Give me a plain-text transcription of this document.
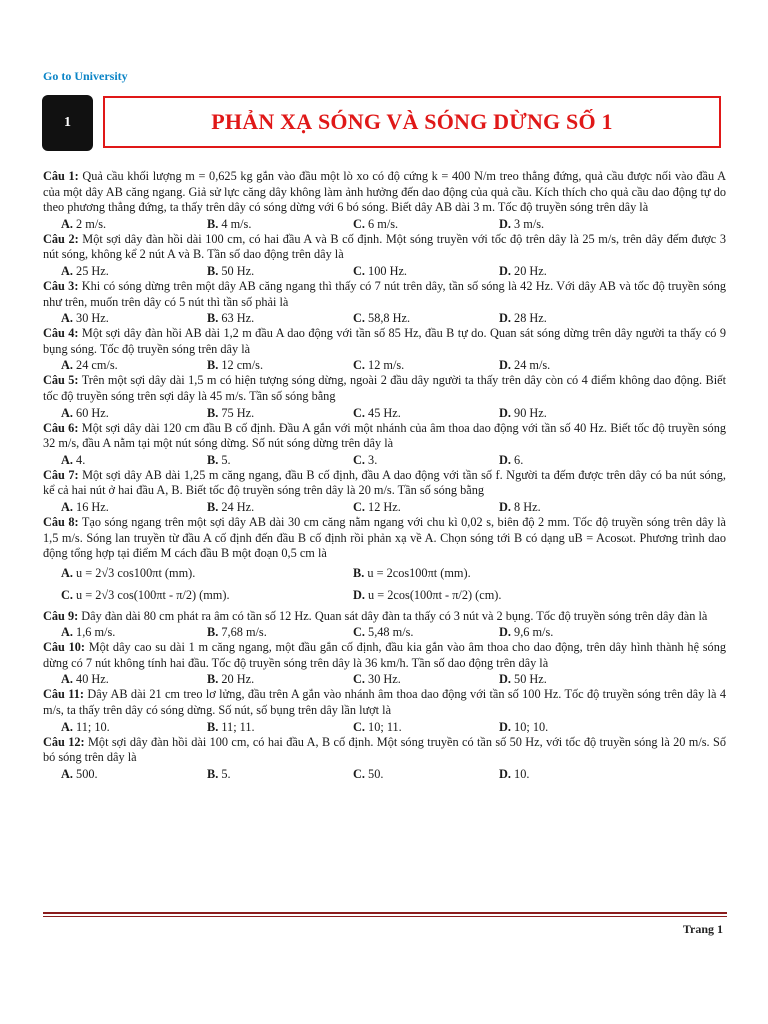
Go to University
1	PHẢN XẠ SÓNG VÀ SÓNG DỪNG SỐ 1

Câu 1: Quả cầu khối lượng m = 0,625 kg gắn vào đầu một lò xo có độ cứng k = 400 N/m treo thẳng đứng, quả cầu được nối vào đầu A của một dây AB căng ngang. Giả sử lực căng dây không làm ảnh hưởng đến dao động của quả cầu. Kích thích cho quả cầu dao động tự do theo phương thẳng đứng, ta thấy trên dây có sóng dừng với 6 bó sóng. Biết dây AB dài 3 m. Tốc độ truyền sóng trên dây là

A. 2 m/s.	B. 4 m/s.	C. 6 m/s.	D. 3 m/s.

Câu 2: Một sợi dây đàn hồi dài 100 cm, có hai đầu A và B cố định. Một sóng truyền với tốc độ trên dây là 25 m/s, trên dây đếm được 3 nút sóng, không kể 2 nút A và B. Tần số dao động trên dây là

A. 25 Hz.	B. 50 Hz.	C. 100 Hz.	D. 20 Hz.

Câu 3: Khi có sóng dừng trên một dây AB căng ngang thì thấy có 7 nút trên dây, tần số sóng là 42 Hz. Với dây AB và tốc độ truyền sóng như trên, muốn trên dây có 5 nút thì tần số phải là

A. 30 Hz.	B. 63 Hz.	C. 58,8 Hz.	D. 28 Hz.

Câu 4: Một sợi dây đàn hồi AB dài 1,2 m đầu A dao động với tần số 85 Hz, đầu B tự do. Quan sát sóng dừng trên dây người ta thấy có 9 bụng sóng. Tốc độ truyền sóng trên dây là

A. 24 cm/s.	B. 12 cm/s.	C. 12 m/s.	D. 24 m/s.

Câu 5: Trên một sợi dây dài 1,5 m có hiện tượng sóng dừng, ngoài 2 đầu dây người ta thấy trên dây còn có 4 điểm không dao động. Biết tốc độ truyền sóng trên sợi dây là 45 m/s. Tần số sóng bằng

A. 60 Hz.	B. 75 Hz.	C. 45 Hz.	D. 90 Hz.

Câu 6: Một sợi dây dài 120 cm đầu B cố định. Đầu A gắn với một nhánh của âm thoa dao động với tần số 40 Hz. Biết tốc độ truyền sóng 32 m/s, đầu A nằm tại một nút sóng dừng. Số nút sóng dừng trên dây là

A. 4.	B. 5.	C. 3.	D. 6.

Câu 7: Một sợi dây AB dài 1,25 m căng ngang, đầu B cố định, đầu A dao động với tần số f. Người ta đếm được trên dây có ba nút sóng, kể cả hai nút ở hai đầu A, B. Biết tốc độ truyền sóng trên dây là 20 m/s. Tần số sóng bằng

A. 16 Hz.	B. 24 Hz.	C. 12 Hz.	D. 8 Hz.

Câu 8: Tạo sóng ngang trên một sợi dây AB dài 30 cm căng nằm ngang với chu kì 0,02 s, biên độ 2 mm. Tốc độ truyền sóng trên dây là 1,5 m/s. Sóng lan truyền từ đầu A cố định đến đầu B cố định rồi phản xạ về A. Chọn sóng tới B có dạng uB = Acosωt. Phương trình dao động tổng hợp tại điểm M cách đầu B một đoạn 0,5 cm là

A. u = 2√3 cos100πt (mm).	B. u = 2cos100πt (mm).
C. u = 2√3 cos(100πt - π/2) (mm).	D. u = 2cos(100πt - π/2) (cm).

Câu 9: Dây đàn dài 80 cm phát ra âm có tần số 12 Hz. Quan sát dây đàn ta thấy có 3 nút và 2 bụng. Tốc độ truyền sóng trên dây đàn là

A. 1,6 m/s.	B. 7,68 m/s.	C. 5,48 m/s.	D. 9,6 m/s.

Câu 10: Một dây cao su dài 1 m căng ngang, một đầu gắn cố định, đầu kia gắn vào âm thoa cho dao động, trên dây hình thành hệ sóng dừng có 7 nút không tính hai đầu. Tốc độ truyền sóng trên dây là 36 km/h. Tần số dao động trên dây là

A. 40 Hz.	B. 20 Hz.	C. 30 Hz.	D. 50 Hz.

Câu 11: Dây AB dài 21 cm treo lơ lửng, đầu trên A gắn vào nhánh âm thoa dao động với tần số 100 Hz. Tốc độ truyền sóng trên dây là 4 m/s, ta thấy trên dây có sóng dừng. Số nút, số bụng trên dây lần lượt là

A. 11; 10.	B. 11; 11.	C. 10; 11.	D. 10; 10.

Câu 12: Một sợi dây đàn hồi dài 100 cm, có hai đầu A, B cố định. Một sóng truyền có tần số 50 Hz, với tốc độ truyền sóng là 20 m/s. Số bó sóng trên dây là

A. 500.	B. 5.	C. 50.	D. 10.
Trang 1
